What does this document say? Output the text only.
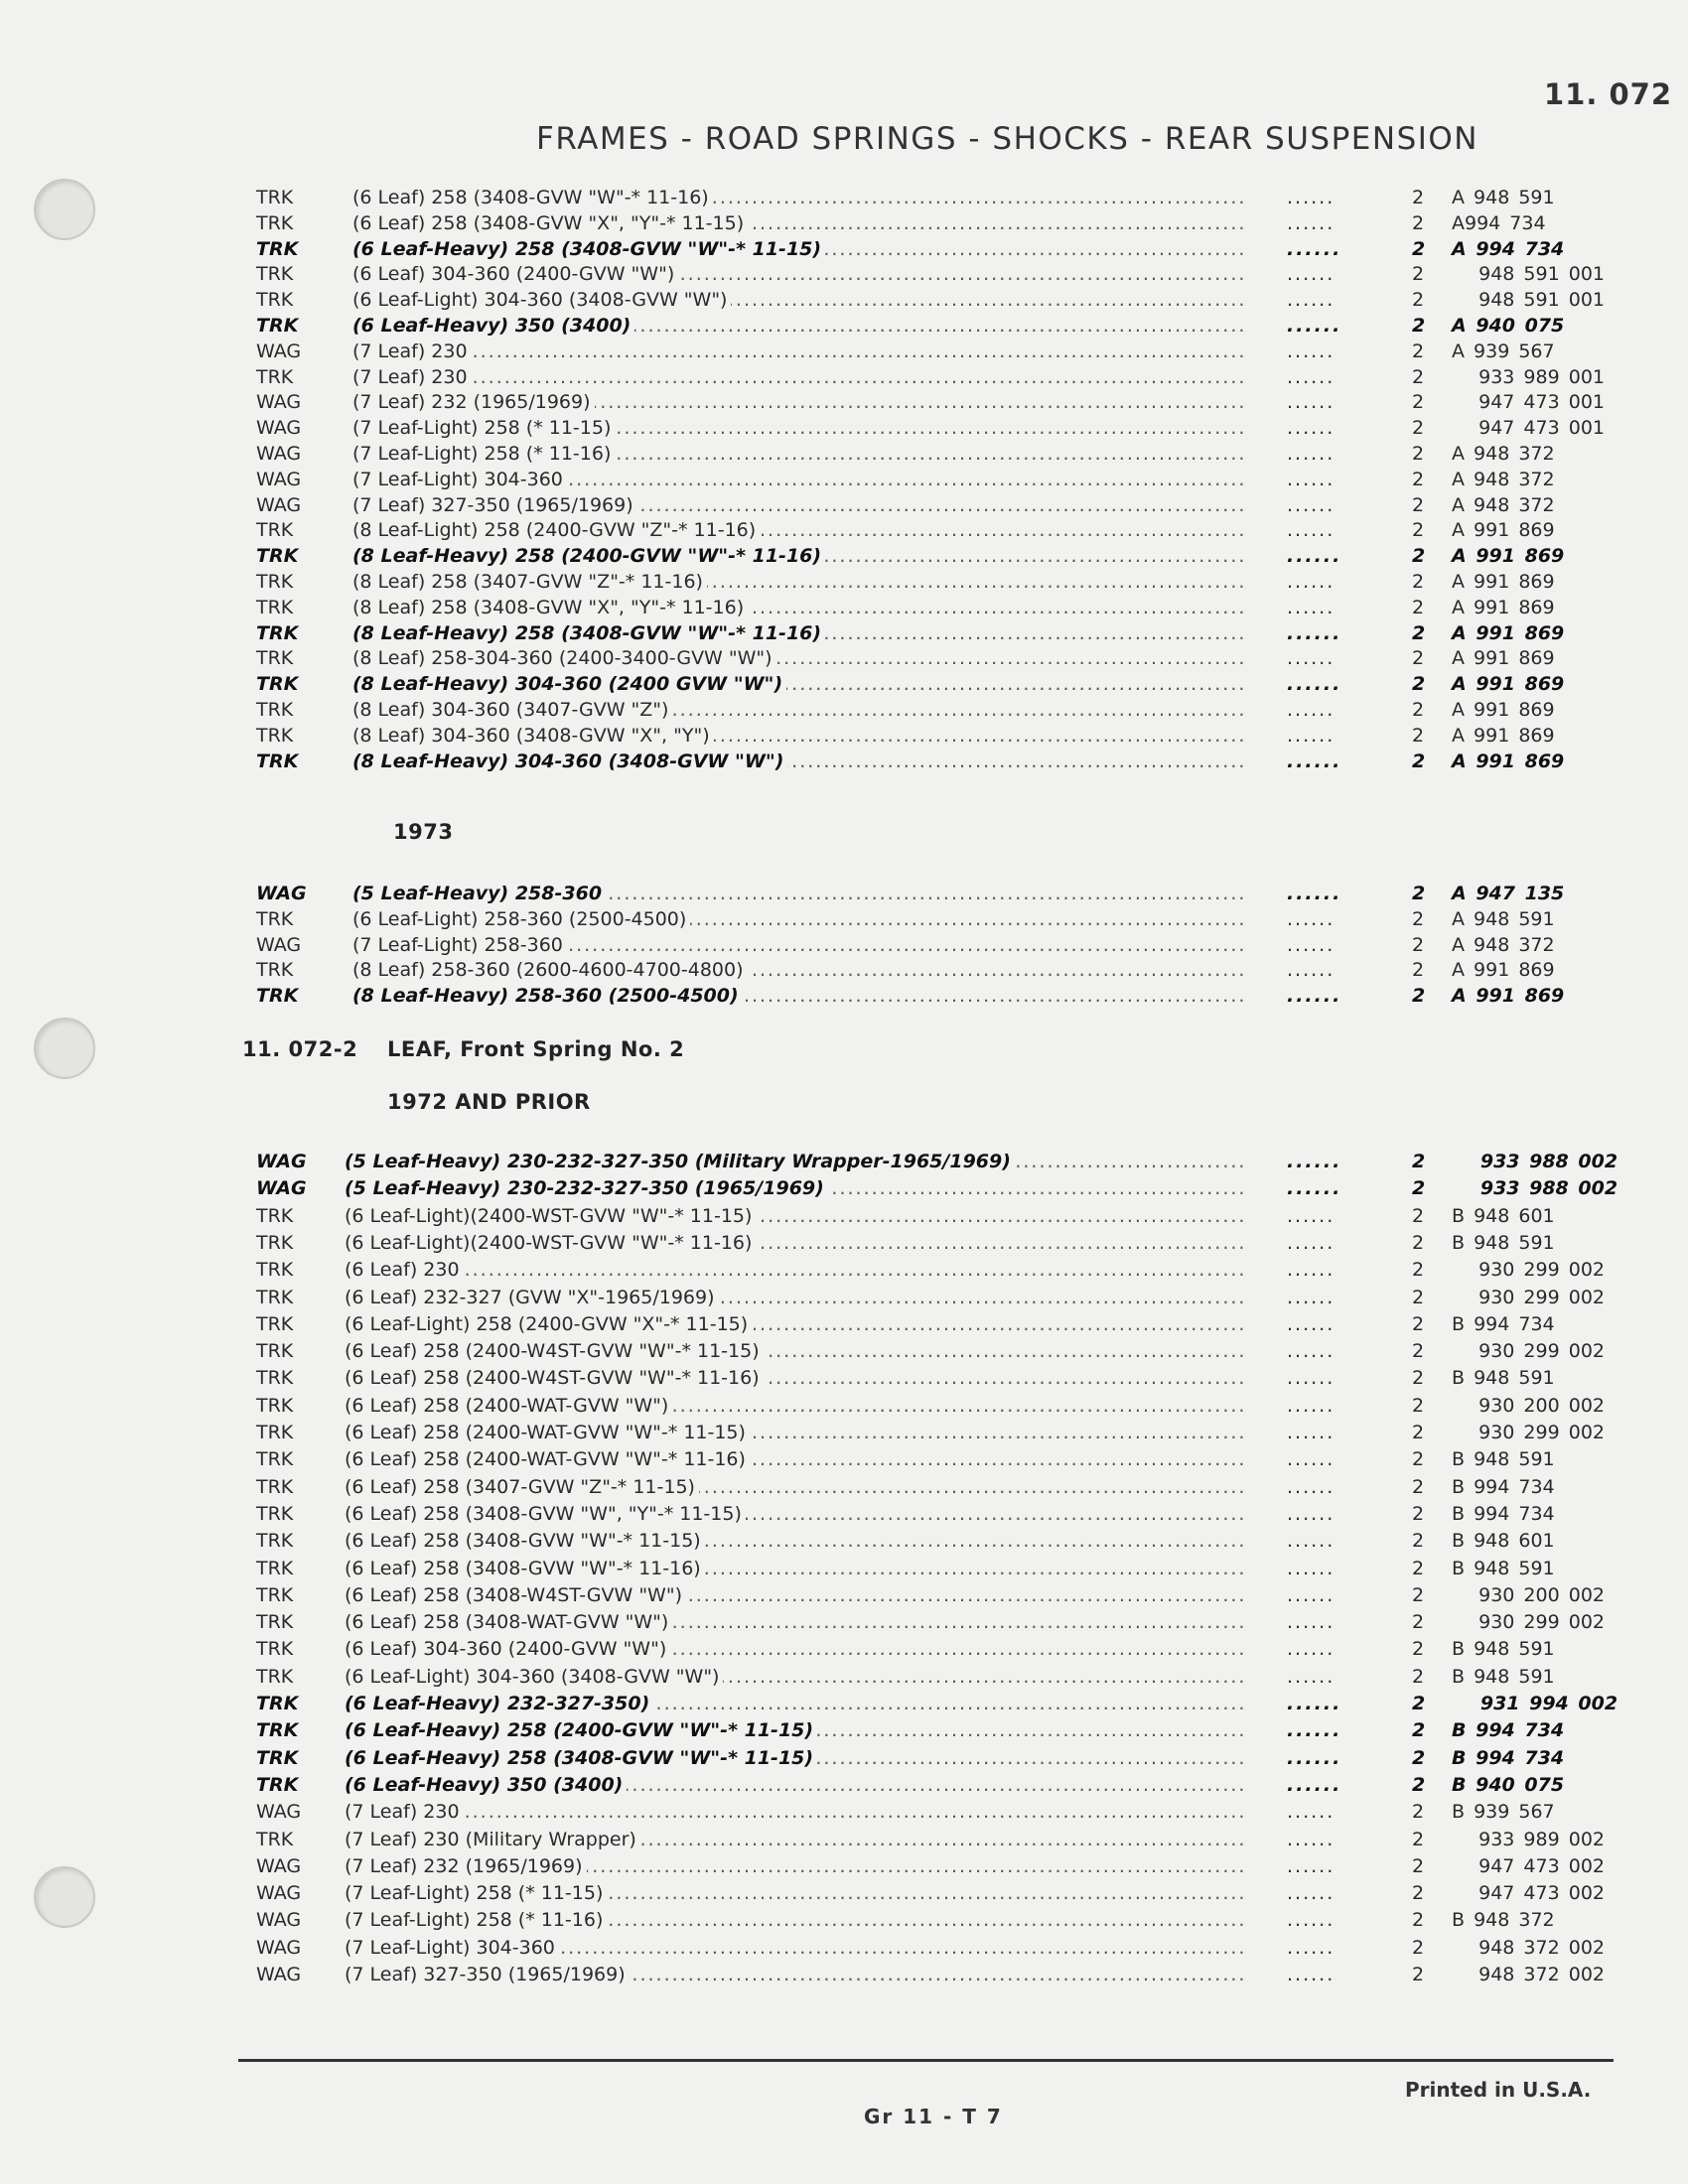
11. 072
FRAMES - ROAD SPRINGS - SHOCKS - REAR SUSPENSION
TRK	(6 Leaf) 258 (3408-GVW "W"-* 11-16) .....	......	2	A 948 591
TRK	(6 Leaf) 258 (3408-GVW "X", "Y"-* 11-15) .....	......	2	A994 734
TRK	(6 Leaf-Heavy) 258 (3408-GVW "W"-* 11-15) .....	......	2	A 994 734
TRK	(6 Leaf) 304-360 (2400-GVW "W") .....	......	2	948 591 001
TRK	(6 Leaf-Light) 304-360 (3408-GVW "W") .....	......	2	948 591 001
TRK	(6 Leaf-Heavy) 350 (3400) .....	......	2	A 940 075
WAG	(7 Leaf) 230 .....	......	2	A 939 567
TRK	(7 Leaf) 230 .....	......	2	933 989 001
WAG	(7 Leaf) 232 (1965/1969) .....	......	2	947 473 001
WAG	(7 Leaf-Light) 258 (* 11-15) .....	......	2	947 473 001
WAG	(7 Leaf-Light) 258 (* 11-16) .....	......	2	A 948 372
WAG	(7 Leaf-Light) 304-360 .....	......	2	A 948 372
WAG	(7 Leaf) 327-350 (1965/1969) .....	......	2	A 948 372
TRK	(8 Leaf-Light) 258 (2400-GVW "Z"-* 11-16) .....	......	2	A 991 869
TRK	(8 Leaf-Heavy) 258 (2400-GVW "W"-* 11-16) .....	......	2	A 991 869
TRK	(8 Leaf) 258 (3407-GVW "Z"-* 11-16) .....	......	2	A 991 869
TRK	(8 Leaf) 258 (3408-GVW "X", "Y"-* 11-16) .....	......	2	A 991 869
TRK	(8 Leaf-Heavy) 258 (3408-GVW "W"-* 11-16) .....	......	2	A 991 869
TRK	(8 Leaf) 258-304-360 (2400-3400-GVW "W") .....	......	2	A 991 869
TRK	(8 Leaf-Heavy) 304-360 (2400 GVW "W") .....	......	2	A 991 869
TRK	(8 Leaf) 304-360 (3407-GVW "Z") .....	......	2	A 991 869
TRK	(8 Leaf) 304-360 (3408-GVW "X", "Y") .....	......	2	A 991 869
TRK	(8 Leaf-Heavy) 304-360 (3408-GVW "W") .....	......	2	A 991 869
1973
WAG	(5 Leaf-Heavy) 258-360 .....	......	2	A 947 135
TRK	(6 Leaf-Light) 258-360 (2500-4500) .....	......	2	A 948 591
WAG	(7 Leaf-Light) 258-360 .....	......	2	A 948 372
TRK	(8 Leaf) 258-360 (2600-4600-4700-4800) .....	......	2	A 991 869
TRK	(8 Leaf-Heavy) 258-360 (2500-4500) .....	......	2	A 991 869
11. 072-2 LEAF, Front Spring No. 2
1972 AND PRIOR
WAG	(5 Leaf-Heavy) 230-232-327-350 (Military Wrapper-1965/1969) .....	......	2	933 988 002
WAG	(5 Leaf-Heavy) 230-232-327-350 (1965/1969) .....	......	2	933 988 002
TRK	(6 Leaf-Light)(2400-WST-GVW "W"-* 11-15) .....	......	2	B 948 601
TRK	(6 Leaf-Light)(2400-WST-GVW "W"-* 11-16) .....	......	2	B 948 591
TRK	(6 Leaf) 230 .....	......	2	930 299 002
TRK	(6 Leaf) 232-327 (GVW "X"-1965/1969) .....	......	2	930 299 002
TRK	(6 Leaf-Light) 258 (2400-GVW "X"-* 11-15) .....	......	2	B 994 734
TRK	(6 Leaf) 258 (2400-W4ST-GVW "W"-* 11-15) .....	......	2	930 299 002
TRK	(6 Leaf) 258 (2400-W4ST-GVW "W"-* 11-16) .....	......	2	B 948 591
TRK	(6 Leaf) 258 (2400-WAT-GVW "W") .....	......	2	930 200 002
TRK	(6 Leaf) 258 (2400-WAT-GVW "W"-* 11-15) .....	......	2	930 299 002
TRK	(6 Leaf) 258 (2400-WAT-GVW "W"-* 11-16) .....	......	2	B 948 591
TRK	(6 Leaf) 258 (3407-GVW "Z"-* 11-15) .....	......	2	B 994 734
TRK	(6 Leaf) 258 (3408-GVW "W", "Y"-* 11-15) .....	......	2	B 994 734
TRK	(6 Leaf) 258 (3408-GVW "W"-* 11-15) .....	......	2	B 948 601
TRK	(6 Leaf) 258 (3408-GVW "W"-* 11-16) .....	......	2	B 948 591
TRK	(6 Leaf) 258 (3408-W4ST-GVW "W") .....	......	2	930 200 002
TRK	(6 Leaf) 258 (3408-WAT-GVW "W") .....	......	2	930 299 002
TRK	(6 Leaf) 304-360 (2400-GVW "W") .....	......	2	B 948 591
TRK	(6 Leaf-Light) 304-360 (3408-GVW "W") .....	......	2	B 948 591
TRK	(6 Leaf-Heavy) 232-327-350) .....	......	2	931 994 002
TRK	(6 Leaf-Heavy) 258 (2400-GVW "W"-* 11-15) .....	......	2	B 994 734
TRK	(6 Leaf-Heavy) 258 (3408-GVW "W"-* 11-15) .....	......	2	B 994 734
TRK	(6 Leaf-Heavy) 350 (3400) .....	......	2	B 940 075
WAG	(7 Leaf) 230 .....	......	2	B 939 567
TRK	(7 Leaf) 230 (Military Wrapper) .....	......	2	933 989 002
WAG	(7 Leaf) 232 (1965/1969) .....	......	2	947 473 002
WAG	(7 Leaf-Light) 258 (* 11-15) .....	......	2	947 473 002
WAG	(7 Leaf-Light) 258 (* 11-16) .....	......	2	B 948 372
WAG	(7 Leaf-Light) 304-360 .....	......	2	948 372 002
WAG	(7 Leaf) 327-350 (1965/1969) .....	......	2	948 372 002
Printed in U.S.A.
Gr 11 - T 7
